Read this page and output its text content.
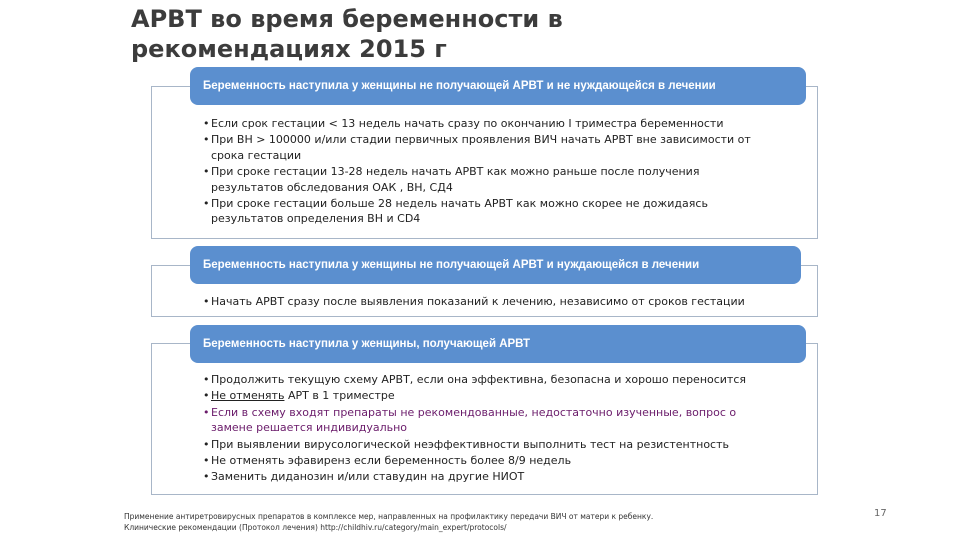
АРВТ во время беременности в
рекомендациях 2015 г
Беременность наступила у женщины не получающей АРВТ и не нуждающейся в лечении
• Если срок гестации < 13 недель начать сразу по окончанию I триместра беременности
• При ВН > 100000 и/или стадии первичных проявления ВИЧ начать АРВТ вне зависимости от срока гестации
• При сроке гестации 13-28 недель начать АРВТ как можно раньше после получения результатов обследования ОАК , ВН, СД4
• При сроке гестации больше 28 недель начать АРВТ как можно скорее не дожидаясь результатов определения ВН и CD4
Беременность наступила у женщины не получающей АРВТ и нуждающейся в лечении
• Начать АРВТ сразу после выявления показаний к лечению, независимо от сроков гестации
Беременность наступила у женщины, получающей АРВТ
• Продолжить текущую схему АРВТ, если она эффективна, безопасна и хорошо переносится
• Не отменять АРТ в 1 триместре
• Если в схему входят препараты не рекомендованные, недостаточно изученные, вопрос о замене решается индивидуально
• При выявлении вирусологической неэффективности выполнить тест на резистентность
• Не отменять эфавиренз если беременность более 8/9 недель
• Заменить диданозин и/или ставудин на другие НИОТ
Применение антиретровирусных препаратов в комплексе мер, направленных на профилактику передачи ВИЧ от матери к ребенку.
Клинические рекомендации (Протокол лечения) http://childhiv.ru/category/main_expert/protocols/
17
